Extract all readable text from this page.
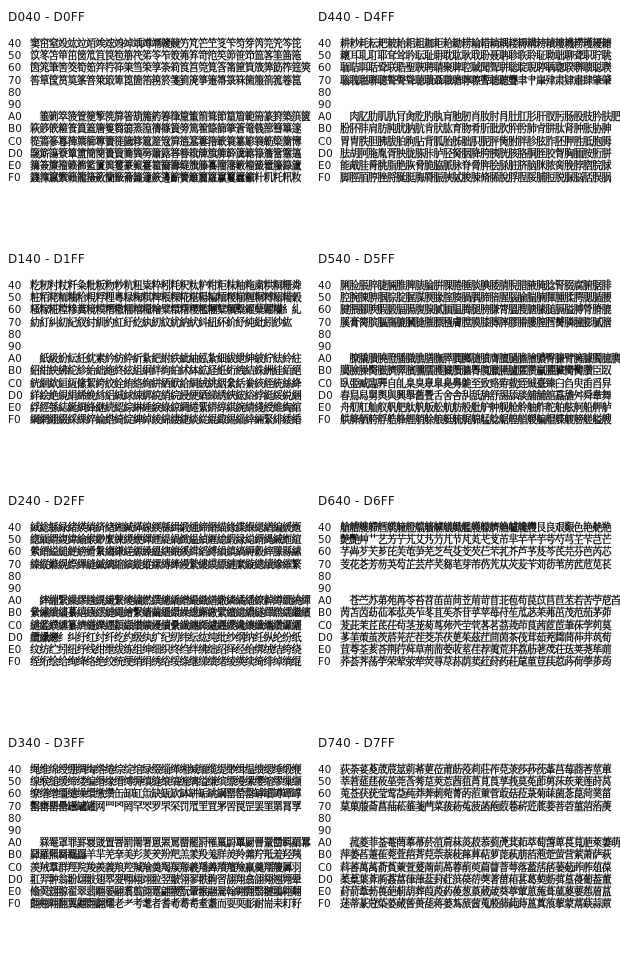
D040 - D0FF
40 窦窋窒竐竑竝竡竢竤竧竨竬竴竵竷竸竻竼笀笁笅笇笉笌笍笎笐笒笓
50 笖笗笘笚笜笝笟笡笢笣笧笩笫笭笮笯笰笲笴笵笶笷笹笻笽笿筀筁筂
60 筃筄筆筈筊筍筎筓筕筗筙筜筞筟筡筣筤筥筦筧筨筩筪筫筬筭筯筰筳筴
70 筶筸筺筼筽筿箁箂箃箄箆箇箈箉箊箋箌箎箏箑箒箓箖箘箙箚箛箞箟
80
90
A0 　箠箣箤箥箮箯箰箲箳箵箶箷箹箺箻箼箽箾箿節篂篃範篅篆篈築篊篋
B0 篍篎篏篐篒篔篕篖篗篘篛篜篞篟篠篢篣篤篧篨篩篫篬篭篯篰篲篳篴
C0 篵篶篸篹篺篻篽篿簀簁簂簃簄簅簆簈簉簊簍簎簐簑簒簓簔簕簗簘簙
D0 簚簛簜簝簞簠簡簢簣簤簥簨簩簫簬簭簮簯簰簱簲簳簴簵簶簷簹簺簻
E0 簼簽簾籀籁籂籃籄籅籆籇籈籉籊籋籌籎籏籐籑籒籓籔籕籖籗籘籙籚
F0 籛籜籝籞籟籠籡籢籣籤籥籦籧籨籩籪籫籬籭籮籯籰籱籲籵籶籷籸籹
D140 - D1FF
40 籺籾籿粀粁粂粃粄粅粆粇粈粊粋粌粍粎粏粐粓粔粖粙粚粛粠粡粣粦
50 粧粨粩粫粬粭粯粰粴粵粶粷粸粺粻粿糀糂糃糄糆糉糋糎糏糐糑糒糓
60 糔糘糚糛糝糞糡糢糣糤糥糦糧糩糪糫糬糭糮糰糱糲糳糴糵糶糷糹糺
70 糼糽糾糿紀紁紂紃約紅紆紇紈紉紋紌納紎紏紐紑紒紓純紕紖紗紘
80
90
A0 　紙級紛紜紝紞素紟紡紣紤紥紦紨紩紪紬紭紮細紱紲紳紴紵紶紷紸
B0 紹紺紻紼紽紾紿絀絁終絃組絅絆絇絈絉絊絋経絍絎絏結絑絒絓絔絕
C0 絖絗絘絙絚絛絜絝絞絟絠絡絢絣絤絥給絧絨絩絪絫絬絭絯絰統絲絳
D0 絴絵絶絸絹絺絻絼絽絾絿綀綁綂綃綄綅綆綇綈綉綊綋綌綍綎綏綐綑
E0 綒經綔綕綖綗綘継続綛綜綝綞綟綠綡綢綣綤綥綧綨綩綪綫綬維綯綰
F0 綱網綳綴綵綶綷綸綹綺綻綼綽綾綿緀緁緂緃緄緅緆緇緈緉緊緋緌緍
D240 - D2FF
40 緎総緐緑緒緓緔緕緖緗緘緙線緛緜緝緞緟締緡緢緣緤緥緦緧編緩緪
50 緫緬緭緮緯緰緱緲緳練緵緶緷緸緹緺緻緼緽緾緿縀縁縂縃縄縅縆縇
60 縈縉縊縋縌縍縎縏縐縑縒縓縔縕縖縗縘縙縚縛縜縝縞縟縠縡縢縣縤
70 縥縦縧縨縩縪縫縬縭縮縯縰縱縲縳縴縵縶縷縸縹縺縻縼總績縿繀繁
80
90
A0 　繂繃繄繅繆繈繉繊繋繌繍繎繏繐繑繒繓織繕繖繗繘繙繚繛繜繝繞繟
B0 繠繡繢繣繤繥繦繧繨繩繪繫繬繭繮繯繰繱繲繳繴繵繶繷繸繹繺繻繼繽
C0 繾繿纀纁纂纃纄纅纆纇纈纉纊纋續纍纎纏纐纑纒纓纔纕纖纗纘纙纚
D0 纜纝纞纟纠纡红纣纤纥约级纨纩纪纫纬纭纮纯纰纱纲纳纴纵纶纷纸
E0 纹纺纻纼纽纾线绀绁绂练组绅细织终绉绊绋绌绍绎经绐绑绒结绔绕
F0 绖绗绘给绚绛络绝绞统绠绡绢绣绤绥绦继绨绩绪绫绬续绮绯绰绱绲
D340 - D3FF
40 绳维绵绶绷绸绹绺绻综绽绾绿缀缁缂缃缄缅缆缇缈缉缊缋缌缍缎缏
50 缐缑缒缓缔缕编缗缘缙缚缛缜缝缞缟缠缡缢缣缤缥缦缧缨缩缪缫缬
60 缭缮缯缰缱缲缳缴缵缶缷缸缹缺缻缼缽缾缿罀罁罂罃罄罅罆罇罈罉
70 罊罋罌罍罎罏罐网罒罓罔罕罖罗罘罙罚罛罜罝罞罟罠罡罢罣罤罥罦
80
90
A0 　罧罨罩罪罫罬罭置罯罰罱署罳罴罵罶罷罸罹罺罻罼罽罾罿羀羁羂羃
B0 羄羅羆羇羈羉羊羋羌羍美羏羐羑羒羓羔羕羖羗羘羙羚羛羜羝羞羟羠
C0 羡羢羣群羥羦羧羨義羪羫羬羭羮羯羰羱羲羳羴羵羶羷羸羹羺羻羼羽
D0 羾羿翀翁翂翃翄翅翆翇翈翉翊翋翌翍翎翏翐翑習翓翔翕翖翗翘翙翚
E0 翛翜翝翞翟翠翡翢翣翤翥翦翧翨翩翪翫翬翭翮翯翰翱翲翳翴翵翶翷
F0 翸翹翺翻翼翽翾翿耀老耂考耄者耆耇耈耉耊耋而耍耎耏耐耑耒耓耔
D440 - D4FF
40 耕耖耗耘耙耚耛耜耝耞耟耠耡耢耣耤耥耦耧耨耩耪耫耬耭耮耯耰耱
50 耲耳耴耵耶耷耸耹耺耻耼耽耾耿聀聁聂聃聄聅聆聇聈聉聊聋职聍聎
60 聏聐聑聒聓联聕聖聗聘聙聚聛聜聝聞聟聠聡聢聣聤聥聦聧聨聩聪聫
70 聬聭聮聯聰聱聲聳聴聵聶職聸聹聺聻聼聽聾聿肀肁肂肃肄肅肆肇肈
80
90
A0 　肉肊肋肌肍肎肏肐肑肒肓肔肕肖肗肘肙肚肛肜肝肞肟肠股肢肣肤肥
B0 肦肧肨肩肪肫肬肭肮肯肰肱育肳肴肵肶肷肸肹肺肻肼肽肾肿胀胁胂
C0 胃胄胅胆胇胈胉胊胋背胍胎胏胐胑胒胓胔胕胖胗胘胙胚胛胜胝胞胟
D0 胠胡胢胣胤胥胦胧胨胩胪胫胬胭胮胯胰胱胲胳胴胵胶胷胸胹胺胻胼
E0 能胾胿脀脁脂脃脄脅脆脇脈脉脊脋脌脍脎脏脐脑脒脓脔脕脖脗脘脙
F0 脚脛脜脝脞脟脠脡脢脣脤脥脦脧脨脩脪脫脬脭脮脯脰脱脲脳脴脵脶
D540 - D5FF
40 脷脸脹脺脻脼脽脾脿腀腁腂腃腄腅腆腇腈腉腊腋腌腍腎腏腐腑腒腓
50 腔腕腖腗腘腙腚腛腜腝腞腟腠腡腢腣腤腥腦腧腨腩腪腫腬腭腮腯腰
60 腱腲腳腴腵腶腷腸腹腺腻腼腽腾腿膀膁膂膃膄膅膆膇膈膉膊膋膌膍
70 膎膏膐膑膒膓膔膕膖膗膘膙膚膛膜膝膞膟膠膡膢膣膤膥膦膧膨膩膪
80
90
A0 　膫膬膭膮膯膰膱膲膳膴膵膶膷膸膹膺膻膼膽膾膿臀臁臂臃臄臅臆臇
B0 臈臉臊臋臌臍臎臏臐臑臒臓臔臕臖臗臘臙臚臛臜臝臞臟臠臡臢臣臤
C0 臥臦臧臨臩自臫臬臭臮臯臰臱臲至致臵臶臷臸臹臺臻臼臽臾臿舀舁
D0 舂舃舄舅舆與興舉舊舋舌舍舎舏舐舑舒舓舔舕舖舗舘舙舚舛舜舝舞
E0 舟舠舡舢舣舤舥舦舧舨舩航舫般舭舮舯舰舱舲舳舴舵舶舷舸船舺舻
F0 舼舽舾舿艀艁艂艃艄艅艆艇艈艉艊艋艌艍艎艏艐艑艒艓艔艕艖艗艘
D640 - D6FF
40 艙艚艛艜艝艞艟艠艡艢艣艤艥艦艧艨艩艪艫艬艭艮良艰艱色艳艴艵
50 艶艷艸艹艺艻艼艽艾艿芀芁节芃芄芅芆芇芈芉芊芋芌芍芎芏芐芑芒
60 芓芔芕芖芗芘芙芚芛芜芝芞芟芠芡芢芣芤芥芦芧芨芩芪芫芬芭芮芯
70 芰花芲芳芴芵芶芷芸芹芺芻芼芽芾芿苀苁苂苃苄苅苆苇苈苉苊苋苌
80
90
A0 　苍苎苏苐苑苒苓苔苕苖苗苘苙苚苛苜苝苞苟苠苡苢苣苤若苦苧苨苩
B0 苪苫苬苭苮苯苰英苲苳苴苵苶苷苸苹苺苻苼苽苾苿茀茁茂范茄茅茆
C0 茇茈茉茊茋茌茍茎茏茐茑茒茓茔茕茖茗茘茙茚茛茜茝茞茟茠茡茢茣
D0 茤茥茦茧茨茩茪茫茬茭茮茯茰茱茲茳茴茵茶茷茸茹茺茻茼茽茾茿荀
E0 荁荂荃荄荅荆荇荈草荊荋荌荍荎荏荐荑荒荓荔荕荖荗荘荙荚荛荜荝
F0 荞荟荠荡荢荣荤荥荦荧荨荩荪荫荬荭荮药荰荱荲荳荴荵荶荷荸荹荺
D740 - D7FF
40 荻荼荽荾荿莀莁莂莃莄莅莆莇莈莉莊莋莌莍莎莏莐莑莒莓莔莕莖莗
50 莘莙莚莛莜莝莞莟莠莡莢莣莤莥莦莧莨莩莪莫莬莭莮莯莰莱莲莳莴
60 莵莶获莸莹莺莻莼莽莾莿菀菁菂菃菄菅菆菇菈菉菊菋菌菍菎菏菐菑
70 菒菓菔菕菖菗菘菙菚菛菜菝菞菟菠菡菢菣菤菥菦菧菨菩菪菫菬菭菮
80
90
A0 　菰菱菲菳菴菵菶菷菸菹菺菻菼菽菾菿萀萁萂萃萄萅萆萇萈萉萊萋萌
B0 萍萎萏萐萑萒萓萔萕萖萗萘萙萚萛萜萝萞萟萠萡萢萣萤营萦萧萨萩
C0 萪萫萬萭萮萯萰萱萲萳萴萵萶萷萸萹萺萻萼落萾萿葀葁葂葃葄葅葆
D0 葇葈葉葊葋葌葍葎葏葐葑葒葓葔葕葖著葘葙葚葛葜葝葞葟葠葡葢董
E0 葤葥葦葧葨葩葪葫葬葭葮葯葰葱葲葳葴葵葶葷葸葹葺葻葼葽葾葿蒀
F0 蒁蒂蒃蒄蒅蒆蒇蒈蒉蒊蒋蒌蒍蒎蒏蒐蒑蒒蒓蒔蒕蒖蒗蒘蒙蒚蒛蒜蒝
